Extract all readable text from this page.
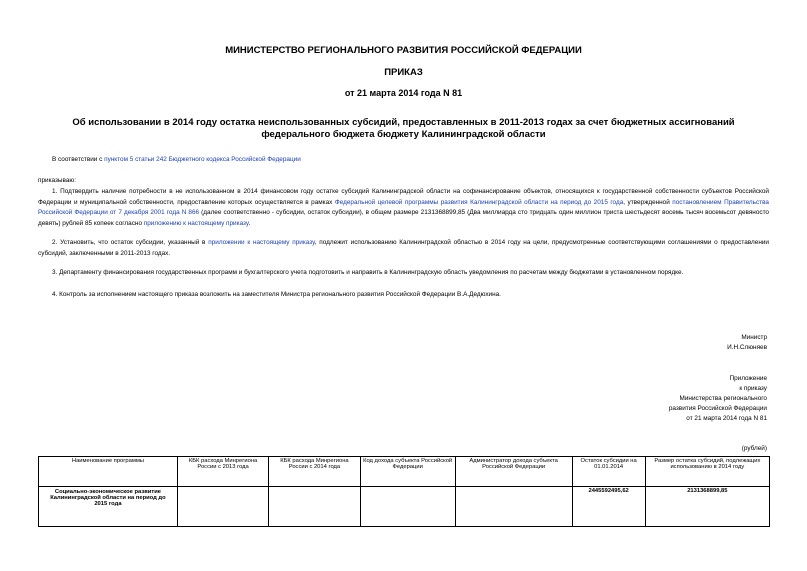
МИНИСТЕРСТВО РЕГИОНАЛЬНОГО РАЗВИТИЯ РОССИЙСКОЙ ФЕДЕРАЦИИ
ПРИКАЗ
от 21 марта 2014 года N 81
Об использовании в 2014 году остатка неиспользованных субсидий, предоставленных в 2011-2013 годах за счет бюджетных ассигнований федерального бюджета бюджету Калининградской области
В соответствии с пунктом 5 статьи 242 Бюджетного кодекса Российской Федерации
приказываю:
1. Подтвердить наличие потребности в не использованном в 2014 финансовом году остатке субсидий Калининградской области на софинансирование объектов, относящихся к государственной собственности субъектов Российской Федерации и муниципальной собственности, предоставление которых осуществляется в рамках Федеральной целевой программы развития Калининградской области на период до 2015 года, утвержденной постановлением Правительства Российской Федерации от 7 декабря 2001 года N 866 (далее соответственно - субсидии, остаток субсидии), в общем размере 2131368899,85 (Два миллиарда сто тридцать один миллион триста шестьдесят восемь тысяч восемьсот девяносто девять) рублей 85 копеек согласно приложению к настоящему приказу.
2. Установить, что остаток субсидии, указанный в приложении к настоящему приказу, подлежит использованию Калининградской областью в 2014 году на цели, предусмотренные соответствующими соглашениями о предоставлении субсидий, заключенными в 2011-2013 годах.
3. Департаменту финансирования государственных программ и бухгалтерского учета подготовить и направить в Калининградскую область уведомления по расчетам между бюджетами в установленном порядке.
4. Контроль за исполнением настоящего приказа возложить на заместителя Министра регионального развития Российской Федерации В.А.Дедюхина.
Министр
И.Н.Слюняев
Приложение
к приказу
Министерства регионального
развития Российской Федерации
от 21 марта 2014 года N 81
(рублей)
Наименование программы	КБК расхода Минрегиона России с 2013 года	КБК расхода Минрегиона России с 2014 года	Код дохода субъекта Российской Федерации	Администратор дохода субъекта Российской Федерации	Остаток субсидии на 01.01.2014	Размер остатка субсидий, подлежащих использованию в 2014 году
Социально-экономическое развитие Калининградской области на период до 2015 года					2445592495,62	2131368899,85
